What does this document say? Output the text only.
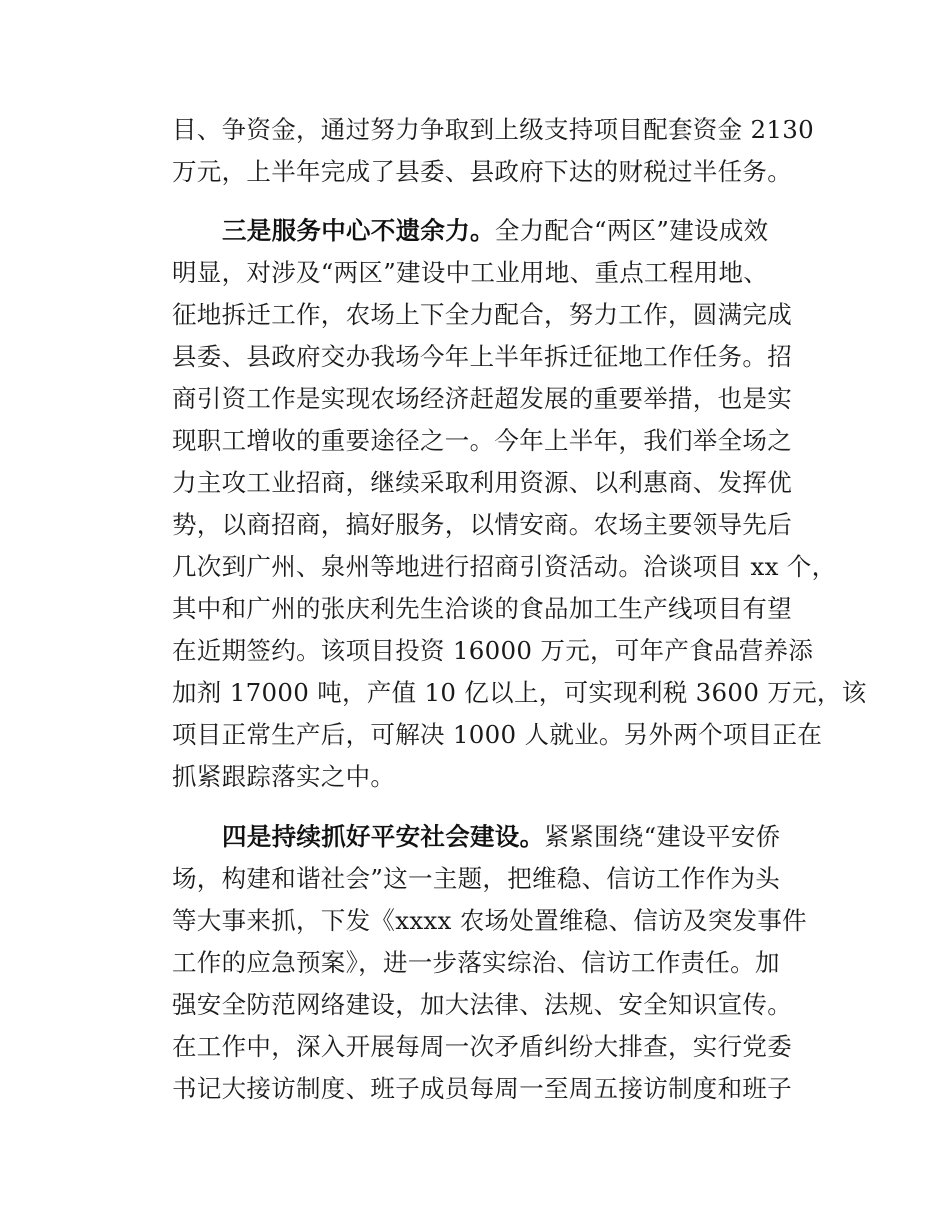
目、争资金，通过努力争取到上级支持项目配套资金 2130
万元，上半年完成了县委、县政府下达的财税过半任务。
三是服务中心不遗余力。全力配合“两区”建设成效
明显，对涉及“两区”建设中工业用地、重点工程用地、
征地拆迁工作，农场上下全力配合，努力工作，圆满完成
县委、县政府交办我场今年上半年拆迁征地工作任务。招
商引资工作是实现农场经济赶超发展的重要举措，也是实
现职工增收的重要途径之一。今年上半年，我们举全场之
力主攻工业招商，继续采取利用资源、以利惠商、发挥优
势，以商招商，搞好服务，以情安商。农场主要领导先后
几次到广州、泉州等地进行招商引资活动。洽谈项目 xx 个，
其中和广州的张庆利先生洽谈的食品加工生产线项目有望
在近期签约。该项目投资 16000 万元，可年产食品营养添
加剂 17000 吨，产值 10 亿以上，可实现利税 3600 万元，该
项目正常生产后，可解决 1000 人就业。另外两个项目正在
抓紧跟踪落实之中。
四是持续抓好平安社会建设。紧紧围绕“建设平安侨
场，构建和谐社会”这一主题，把维稳、信访工作作为头
等大事来抓，下发《xxxx 农场处置维稳、信访及突发事件
工作的应急预案》，进一步落实综治、信访工作责任。加
强安全防范网络建设，加大法律、法规、安全知识宣传。
在工作中，深入开展每周一次矛盾纠纷大排查，实行党委
书记大接访制度、班子成员每周一至周五接访制度和班子
